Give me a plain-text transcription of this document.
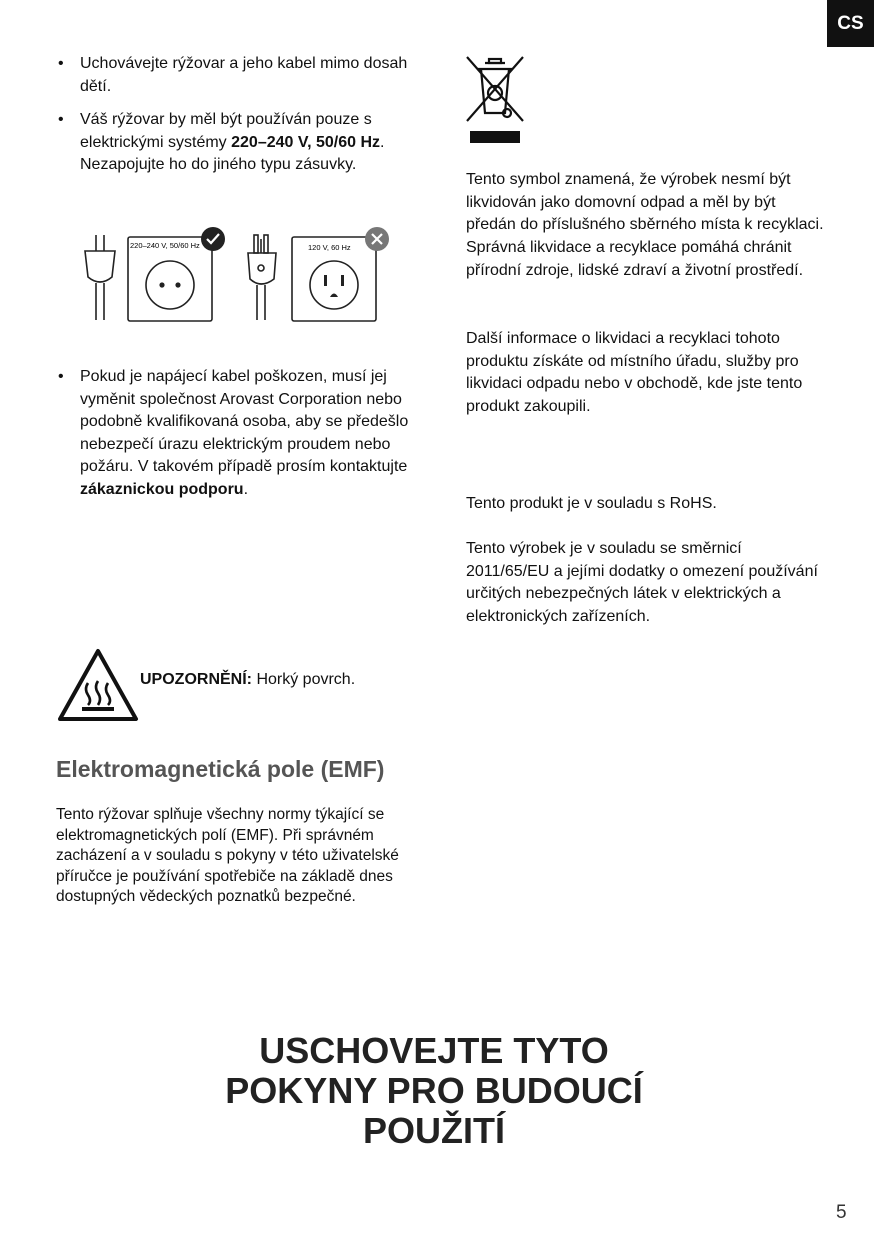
CS
• Uchovávejte rýžovar a jeho kabel mimo dosah dětí.
• Váš rýžovar by měl být používán pouze s elektrickými systémy 220–240 V, 50/60 Hz. Nezapojujte ho do jiného typu zásuvky.
220–240 V, 50/60 Hz	120 V, 60 Hz
• Pokud je napájecí kabel poškozen, musí jej vyměnit společnost Arovast Corporation nebo podobně kvalifikovaná osoba, aby se předešlo nebezpečí úrazu elektrickým proudem nebo požáru. V takovém případě prosím kontaktujte zákaznickou podporu.
UPOZORNĚNÍ: Horký povrch.
Elektromagnetická pole (EMF)

Tento rýžovar splňuje všechny normy týkající se elektromagnetických polí (EMF). Při správném zacházení a v souladu s pokyny v této uživatelské příručce je používání spotřebiče na základě dnes dostupných vědeckých poznatků bezpečné.

Tento symbol znamená, že výrobek nesmí být likvidován jako domovní odpad a měl by být předán do příslušného sběrného místa k recyklaci. Správná likvidace a recyklace pomáhá chránit přírodní zdroje, lidské zdraví a životní prostředí.

Další informace o likvidaci a recyklaci tohoto produktu získáte od místního úřadu, služby pro likvidaci odpadu nebo v obchodě, kde jste tento produkt zakoupili.

Tento produkt je v souladu s RoHS.

Tento výrobek je v souladu se směrnicí 2011/65/EU a jejími dodatky o omezení používání určitých nebezpečných látek v elektrických a elektronických zařízeních.

USCHOVEJTE TYTO
POKYNY PRO BUDOUCÍ
POUŽITÍ
5
